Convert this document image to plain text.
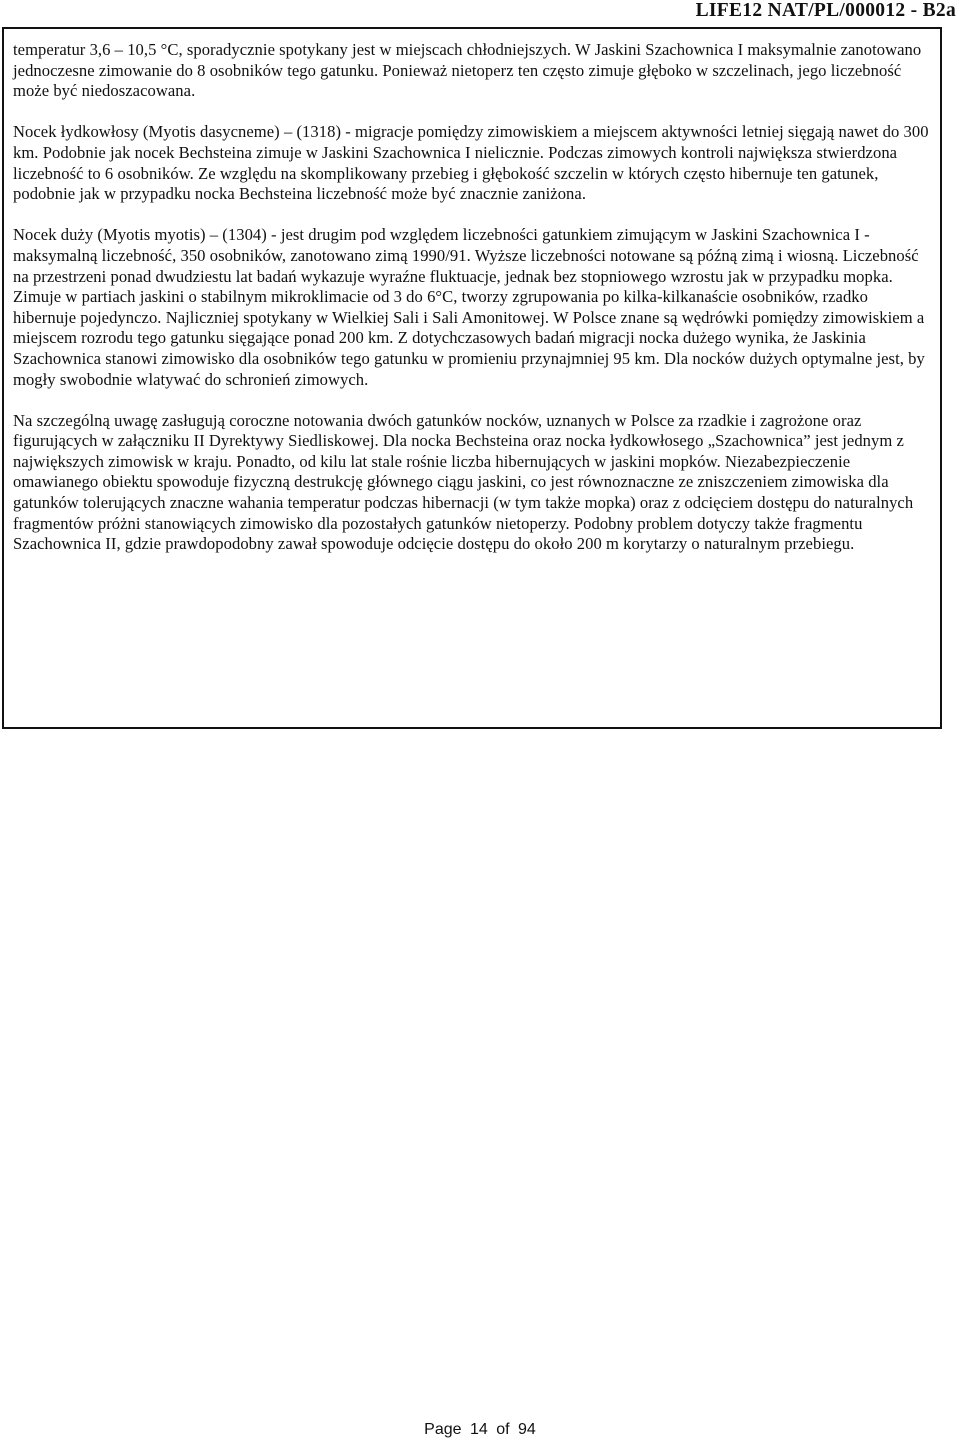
LIFE12 NAT/PL/000012 - B2a

temperatur 3,6 – 10,5 °C, sporadycznie spotykany jest w miejscach chłodniejszych. W Jaskini Szachownica I maksymalnie zanotowano jednoczesne zimowanie do 8 osobników tego gatunku. Ponieważ nietoperz ten często zimuje głęboko w szczelinach, jego liczebność może być niedoszacowana.

Nocek łydkowłosy (Myotis dasycneme) – (1318) - migracje pomiędzy zimowiskiem a miejscem aktywności letniej sięgają nawet do 300 km. Podobnie jak nocek Bechsteina zimuje w Jaskini Szachownica I nielicznie. Podczas zimowych kontroli największa stwierdzona liczebność to 6 osobników. Ze względu na skomplikowany przebieg i głębokość szczelin w których często hibernuje ten gatunek, podobnie jak w przypadku nocka Bechsteina liczebność może być znacznie zaniżona.

Nocek duży (Myotis myotis) – (1304) - jest drugim pod względem liczebności gatunkiem zimującym w Jaskini Szachownica I - maksymalną liczebność, 350 osobników, zanotowano zimą 1990/91. Wyższe liczebności notowane są późną zimą i wiosną. Liczebność na przestrzeni ponad dwudziestu lat badań wykazuje wyraźne fluktuacje, jednak bez stopniowego wzrostu jak w przypadku mopka. Zimuje w partiach jaskini o stabilnym mikroklimacie od 3 do 6°C, tworzy zgrupowania po kilka-kilkanaście osobników, rzadko hibernuje pojedynczo. Najliczniej spotykany w Wielkiej Sali i Sali Amonitowej. W Polsce znane są wędrówki pomiędzy zimowiskiem a miejscem rozrodu tego gatunku sięgające ponad 200 km. Z dotychczasowych badań migracji nocka dużego wynika, że Jaskinia Szachownica stanowi zimowisko dla osobników tego gatunku w promieniu przynajmniej 95 km. Dla nocków dużych optymalne jest, by mogły swobodnie wlatywać do schronień zimowych.

Na szczególną uwagę zasługują coroczne notowania dwóch gatunków nocków, uznanych w Polsce za rzadkie i zagrożone oraz figurujących w załączniku II Dyrektywy Siedliskowej. Dla nocka Bechsteina oraz nocka łydkowłosego „Szachownica” jest jednym z największych zimowisk w kraju. Ponadto, od kilu lat stale rośnie liczba hibernujących w jaskini mopków. Niezabezpieczenie omawianego obiektu spowoduje fizyczną destrukcję głównego ciągu jaskini, co jest równoznaczne ze zniszczeniem zimowiska dla gatunków tolerujących znaczne wahania temperatur podczas hibernacji (w tym także mopka) oraz z odcięciem dostępu do naturalnych fragmentów próżni stanowiących zimowisko dla pozostałych gatunków nietoperzy. Podobny problem dotyczy także fragmentu Szachownica II, gdzie prawdopodobny zawał spowoduje odcięcie dostępu do około 200 m korytarzy o naturalnym przebiegu.

Page 14 of 94
